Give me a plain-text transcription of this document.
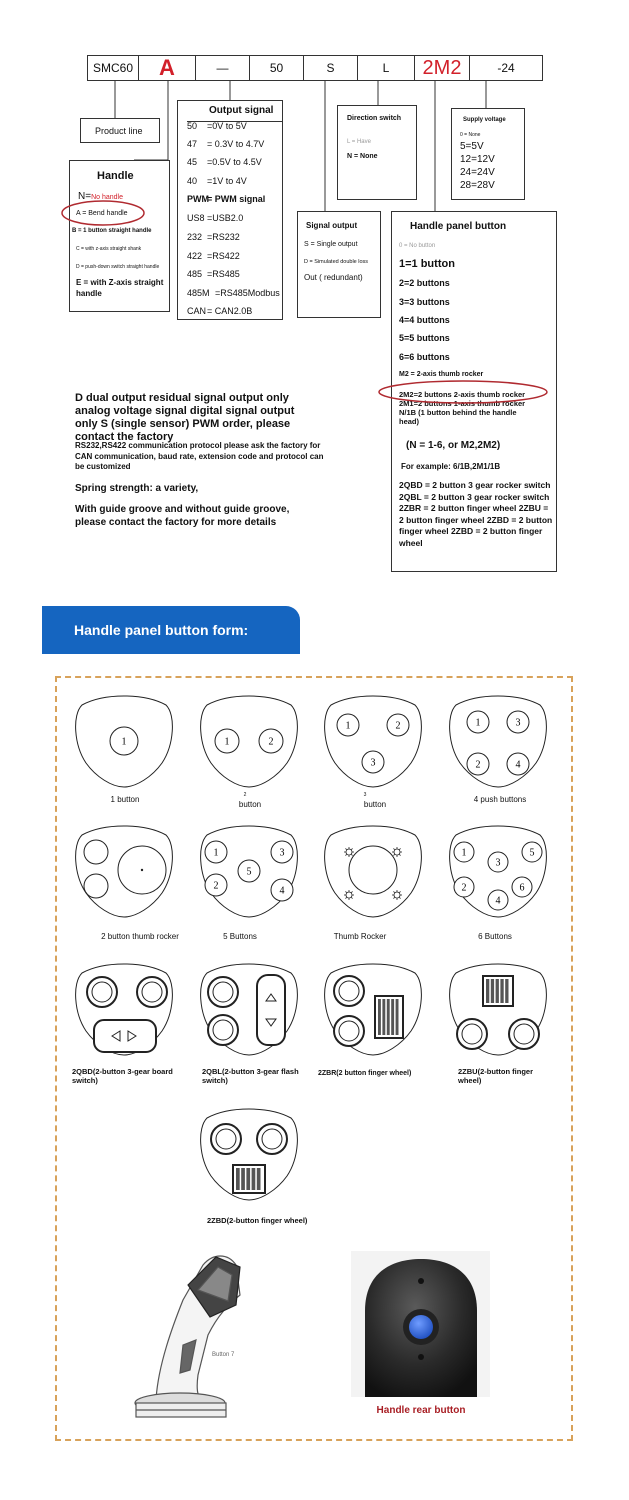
SMC60	A	—	50	S	L	2M2	-24
Product line
Handle
N=No handle
A = Bend handle
B = 1 button straight handle
C = with z-axis straight shank
D = push-down switch straight handle
E = with Z-axis straight handle
Output signal
50 =0V to 5V
47 = 0.3V to 4.7V
45 =0.5V to 4.5V
40 =1V to 4V
PWM= PWM signal
US8 =USB2.0
232 =RS232
422 =RS422
485 =RS485
485M =RS485Modbus
CAN= CAN2.0B
Signal output
S = Single output
D = Simulated double loss
Out ( redundant)
Direction switch
L = Have
N = None
Supply voltage
0 = None
5=5V
12=12V
24=24V
28=28V
Handle panel button
0 = No button
1=1 button
2=2 buttons
3=3 buttons
4=4 buttons
5=5 buttons
6=6 buttons
M2 = 2-axis thumb rocker
2M2=2 buttons 2-axis thumb rocker 2M1=2 buttons 1-axis thumb rocker N/1B (1 button behind the handle head)
(N = 1-6, or M2,2M2)
For example: 6/1B,2M1/1B
2QBD = 2 button 3 gear rocker switch 2QBL = 2 button 3 gear rocker switch 2ZBR = 2 button finger wheel 2ZBU = 2 button finger wheel 2ZBD = 2 button finger wheel 2ZBD = 2 button finger wheel
D dual output residual signal output only analog voltage signal digital signal output only S (single sensor) PWM order, please contact the factory
RS232,RS422 communication protocol please ask the factory for CAN communication, baud rate, extension code and protocol can be customized
Spring strength: a variety,
With guide groove and without guide groove, please contact the factory for more details
Handle panel button form:
1	1	2
1	2
3
1	3
2	4
1	3
5
2	4
1	5
3
2	6
4
1 button	2
button
3
button
4 push buttons
2 button thumb rocker	5 Buttons	Thumb Rocker	6 Buttons
2QBD(2-button 3-gear board switch)
2QBL(2-button 3-gear flash switch)
2ZBR(2 button finger wheel)	2ZBU(2-button finger wheel)
2ZBD(2-button finger wheel)
Button 7
Handle rear button
